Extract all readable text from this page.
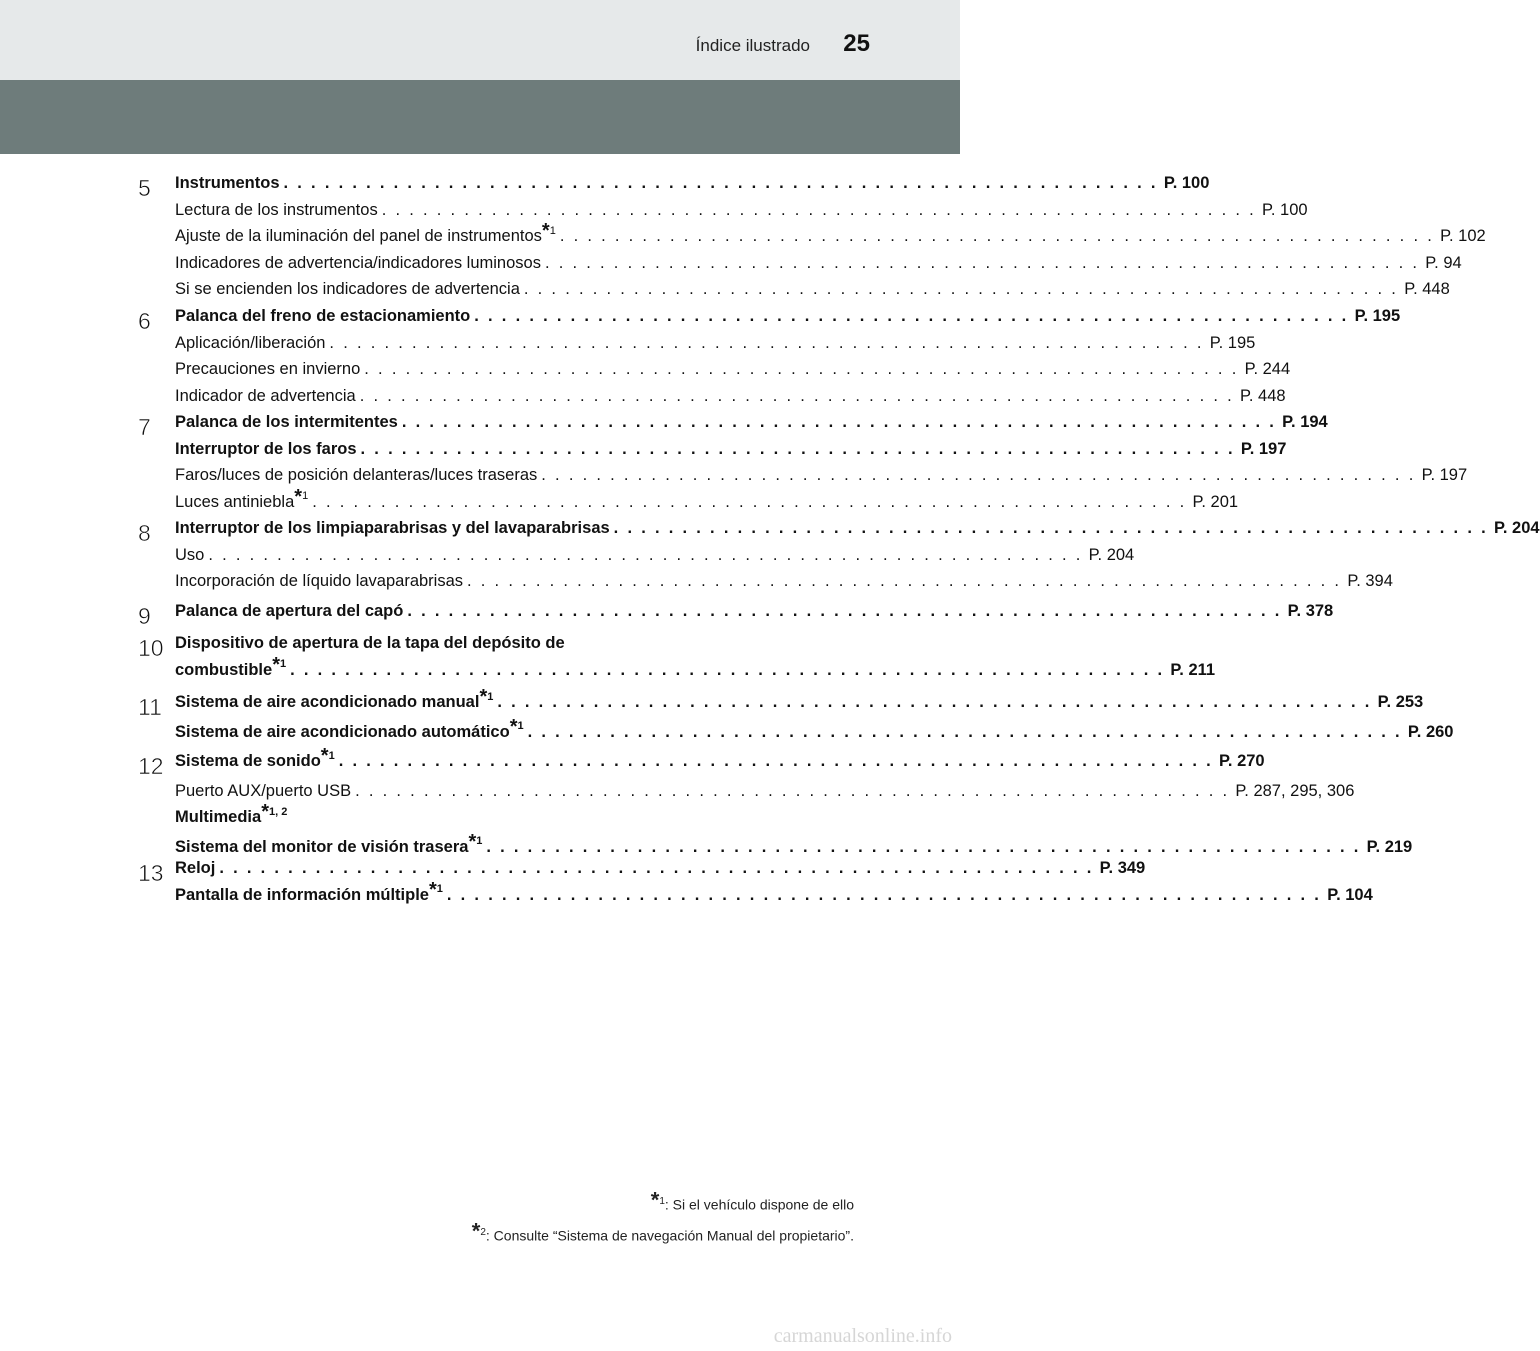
Índice ilustrado 25
5	Instrumentos . . . . . . . . . . . . . . . . . . . . . . . . . . . . . . . . . . . . . . . . . . . . . . . . . . . . . . . . . . . . . . . . P. 100
Lectura de los instrumentos . . . . . . . . . . . . . . . . . . . . . . . . . . . . . . . . . . . . . . . . . . . . . . . . . . . . . . . . . . . . . . . . P. 100
Ajuste de la iluminación del panel de instrumentos*$^1$ . . . . . . . . . . . . . . . . . . . . . . . . . . . . . . . . . . . . . . . . . . . . . . . . . . . . . . . . . . . . . . . . P. 102
Indicadores de advertencia/indicadores luminosos . . . . . . . . . . . . . . . . . . . . . . . . . . . . . . . . . . . . . . . . . . . . . . . . . . . . . . . . . . . . . . . . P. 94
Si se encienden los indicadores de advertencia . . . . . . . . . . . . . . . . . . . . . . . . . . . . . . . . . . . . . . . . . . . . . . . . . . . . . . . . . . . . . . . . P. 448
6	Palanca del freno de estacionamiento . . . . . . . . . . . . . . . . . . . . . . . . . . . . . . . . . . . . . . . . . . . . . . . . . . . . . . . . . . . . . . . . P. 195
Aplicación/liberación . . . . . . . . . . . . . . . . . . . . . . . . . . . . . . . . . . . . . . . . . . . . . . . . . . . . . . . . . . . . . . . . P. 195
Precauciones en invierno . . . . . . . . . . . . . . . . . . . . . . . . . . . . . . . . . . . . . . . . . . . . . . . . . . . . . . . . . . . . . . . . P. 244
Indicador de advertencia . . . . . . . . . . . . . . . . . . . . . . . . . . . . . . . . . . . . . . . . . . . . . . . . . . . . . . . . . . . . . . . . P. 448
7	Palanca de los intermitentes . . . . . . . . . . . . . . . . . . . . . . . . . . . . . . . . . . . . . . . . . . . . . . . . . . . . . . . . . . . . . . . . P. 194
Interruptor de los faros . . . . . . . . . . . . . . . . . . . . . . . . . . . . . . . . . . . . . . . . . . . . . . . . . . . . . . . . . . . . . . . . P. 197
Faros/luces de posición delanteras/luces traseras . . . . . . . . . . . . . . . . . . . . . . . . . . . . . . . . . . . . . . . . . . . . . . . . . . . . . . . . . . . . . . . . P. 197
Luces antiniebla*$^1$ . . . . . . . . . . . . . . . . . . . . . . . . . . . . . . . . . . . . . . . . . . . . . . . . . . . . . . . . . . . . . . . . P. 201
8	Interruptor de los limpiaparabrisas y del lavaparabrisas . . . . . . . . . . . . . . . . . . . . . . . . . . . . . . . . . . . . . . . . . . . . . . . . . . . . . . . . . . . . . . . . P. 204
Uso . . . . . . . . . . . . . . . . . . . . . . . . . . . . . . . . . . . . . . . . . . . . . . . . . . . . . . . . . . . . . . . . P. 204
Incorporación de líquido lavaparabrisas . . . . . . . . . . . . . . . . . . . . . . . . . . . . . . . . . . . . . . . . . . . . . . . . . . . . . . . . . . . . . . . . P. 394
9	Palanca de apertura del capó . . . . . . . . . . . . . . . . . . . . . . . . . . . . . . . . . . . . . . . . . . . . . . . . . . . . . . . . . . . . . . . . P. 378
10 Dispositivo de apertura de la tapa del depósito de
combustible*$^1$ . . . . . . . . . . . . . . . . . . . . . . . . . . . . . . . . . . . . . . . . . . . . . . . . . . . . . . . . . . . . . . . . P. 211
11 Sistema de aire acondicionado manual*$^1$ . . . . . . . . . . . . . . . . . . . . . . . . . . . . . . . . . . . . . . . . . . . . . . . . . . . . . . . . . . . . . . . . P. 253
Sistema de aire acondicionado automático*$^1$ . . . . . . . . . . . . . . . . . . . . . . . . . . . . . . . . . . . . . . . . . . . . . . . . . . . . . . . . . . . . . . . . P. 260
12 Sistema de sonido*$^1$ . . . . . . . . . . . . . . . . . . . . . . . . . . . . . . . . . . . . . . . . . . . . . . . . . . . . . . . . . . . . . . . . P. 270
Puerto AUX/puerto USB . . . . . . . . . . . . . . . . . . . . . . . . . . . . . . . . . . . . . . . . . . . . . . . . . . . . . . . . . . . . . . . . P. 287, 295, 306
Multimedia*$^{1, 2}$
Sistema del monitor de visión trasera*$^1$ . . . . . . . . . . . . . . . . . . . . . . . . . . . . . . . . . . . . . . . . . . . . . . . . . . . . . . . . . . . . . . . . P. 219
13 Reloj . . . . . . . . . . . . . . . . . . . . . . . . . . . . . . . . . . . . . . . . . . . . . . . . . . . . . . . . . . . . . . . . P. 349
Pantalla de información múltiple*$^1$ . . . . . . . . . . . . . . . . . . . . . . . . . . . . . . . . . . . . . . . . . . . . . . . . . . . . . . . . . . . . . . . . P. 104
*$^1$: Si el vehículo dispone de ello
*$^2$: Consulte “Sistema de navegación Manual del propietario”.
carmanualsonline.info
